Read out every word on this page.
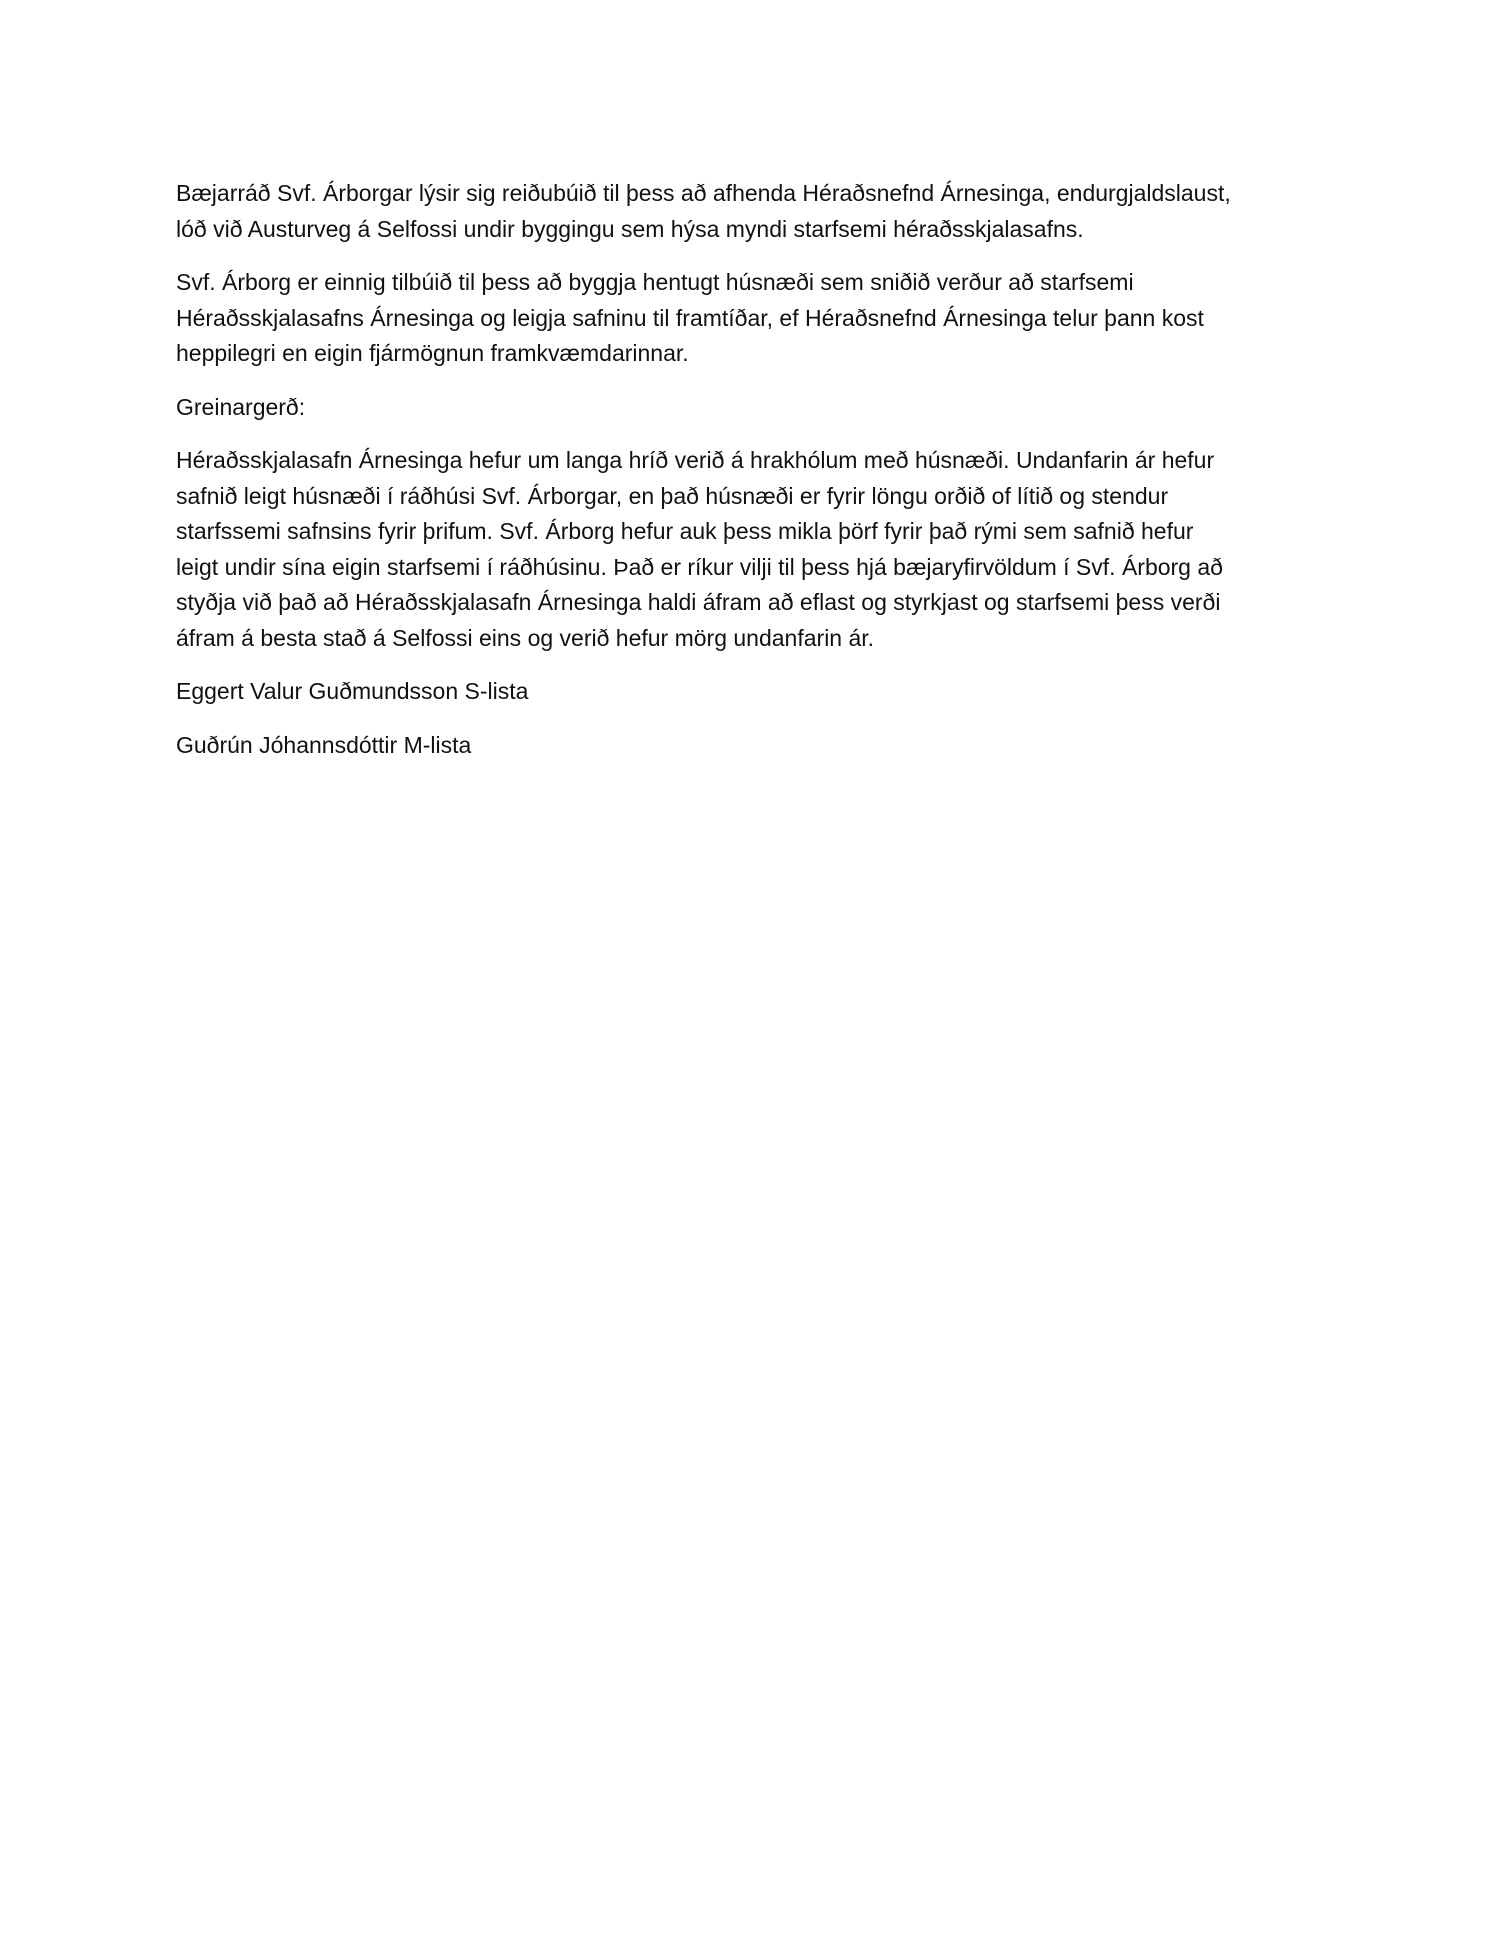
Bæjarráð Svf. Árborgar lýsir sig reiðubúið til þess að afhenda Héraðsnefnd Árnesinga, endurgjaldslaust,
lóð við Austurveg á Selfossi undir byggingu sem hýsa myndi starfsemi héraðsskjalasafns.
Svf. Árborg er einnig tilbúið til þess að byggja hentugt húsnæði sem sniðið verður að starfsemi
Héraðsskjalasafns Árnesinga og leigja safninu til framtíðar, ef Héraðsnefnd Árnesinga telur þann kost
heppilegri en eigin fjármögnun framkvæmdarinnar.
Greinargerð:
Héraðsskjalasafn Árnesinga hefur um langa hríð verið á hrakhólum með húsnæði. Undanfarin ár hefur
safnið leigt húsnæði í ráðhúsi Svf. Árborgar, en það húsnæði er fyrir löngu orðið of lítið og stendur
starfssemi safnsins fyrir þrifum. Svf. Árborg hefur auk þess mikla þörf fyrir það rými sem safnið hefur
leigt undir sína eigin starfsemi í ráðhúsinu. Það er ríkur vilji til þess hjá bæjaryfirvöldum í Svf. Árborg að
styðja við það að Héraðsskjalasafn Árnesinga haldi áfram að eflast og styrkjast og starfsemi þess verði
áfram á besta stað á Selfossi eins og verið hefur mörg undanfarin ár.
Eggert Valur Guðmundsson S-lista
Guðrún Jóhannsdóttir M-lista
